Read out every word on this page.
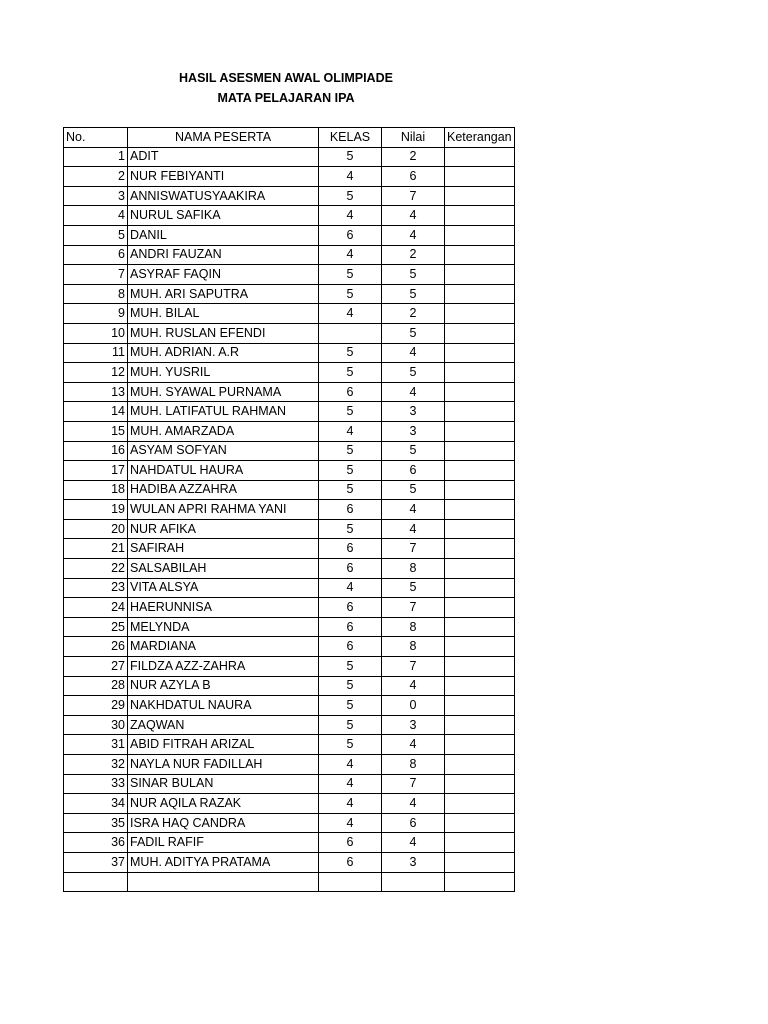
HASIL ASESMEN AWAL OLIMPIADE
MATA PELAJARAN IPA
No.	NAMA PESERTA	KELAS	Nilai	Keterangan
1	ADIT	5	2	
2	NUR FEBIYANTI	4	6	
3	ANNISWATUSYAAKIRA	5	7	
4	NURUL SAFIKA	4	4	
5	DANIL	6	4	
6	ANDRI FAUZAN	4	2	
7	ASYRAF FAQIN	5	5	
8	MUH. ARI SAPUTRA	5	5	
9	MUH. BILAL	4	2	
10	MUH. RUSLAN EFENDI		5	
11	MUH. ADRIAN. A.R	5	4	
12	MUH. YUSRIL	5	5	
13	MUH. SYAWAL PURNAMA	6	4	
14	MUH. LATIFATUL RAHMAN	5	3	
15	MUH. AMARZADA	4	3	
16	ASYAM SOFYAN	5	5	
17	NAHDATUL HAURA	5	6	
18	HADIBA AZZAHRA	5	5	
19	WULAN APRI RAHMA YANI	6	4	
20	NUR AFIKA	5	4	
21	SAFIRAH	6	7	
22	SALSABILAH	6	8	
23	VITA ALSYA	4	5	
24	HAERUNNISA	6	7	
25	MELYNDA	6	8	
26	MARDIANA	6	8	
27	FILDZA AZZ-ZAHRA	5	7	
28	NUR AZYLA B	5	4	
29	NAKHDATUL NAURA	5	0	
30	ZAQWAN	5	3	
31	ABID FITRAH ARIZAL	5	4	
32	NAYLA NUR FADILLAH	4	8	
33	SINAR BULAN	4	7	
34	NUR AQILA RAZAK	4	4	
35	ISRA HAQ CANDRA	4	6	
36	FADIL RAFIF	6	4	
37	MUH. ADITYA PRATAMA	6	3	
